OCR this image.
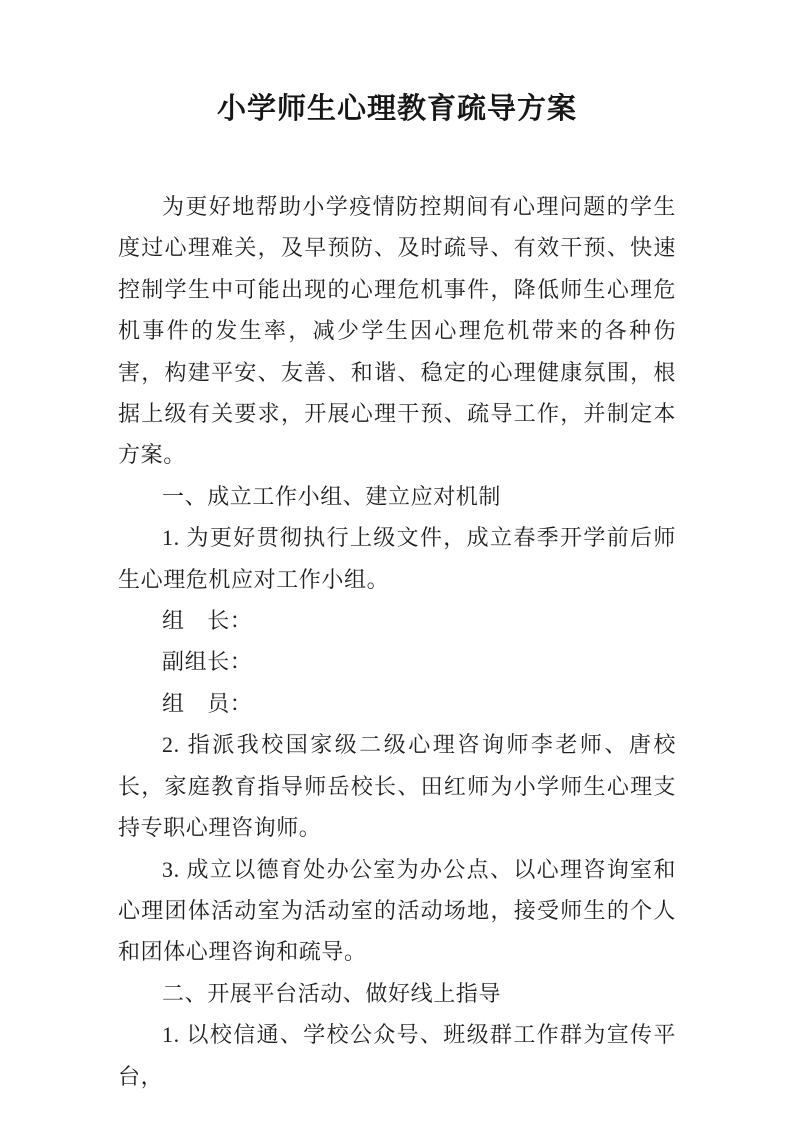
小学师生心理教育疏导方案

为更好地帮助小学疫情防控期间有心理问题的学生度过心理难关，及早预防、及时疏导、有效干预、快速控制学生中可能出现的心理危机事件，降低师生心理危机事件的发生率，减少学生因心理危机带来的各种伤害，构建平安、友善、和谐、稳定的心理健康氛围，根据上级有关要求，开展心理干预、疏导工作，并制定本方案。

一、成立工作小组、建立应对机制

1. 为更好贯彻执行上级文件，成立春季开学前后师生心理危机应对工作小组。

组　长：

副组长：

组　员：

2. 指派我校国家级二级心理咨询师李老师、唐校长，家庭教育指导师岳校长、田红师为小学师生心理支持专职心理咨询师。

3. 成立以德育处办公室为办公点、以心理咨询室和心理团体活动室为活动室的活动场地，接受师生的个人和团体心理咨询和疏导。

二、开展平台活动、做好线上指导

1. 以校信通、学校公众号、班级群工作群为宣传平台，
